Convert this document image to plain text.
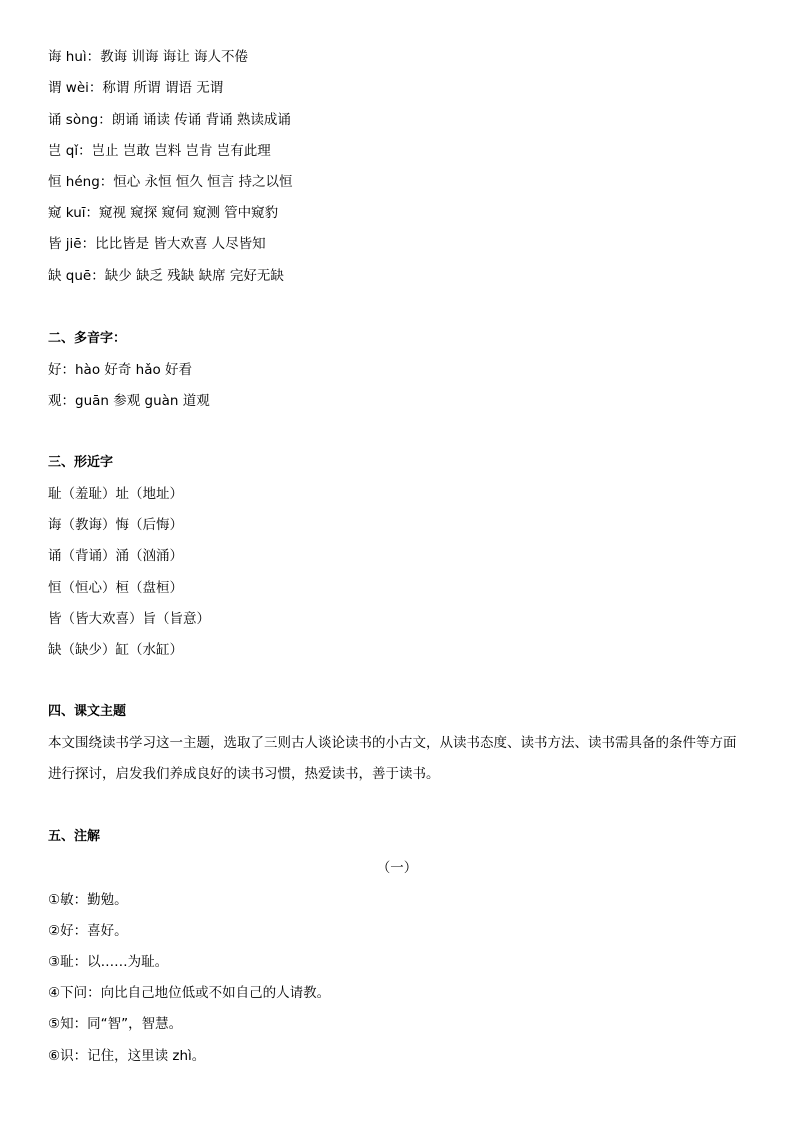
诲 huì：教诲 训诲 诲让 诲人不倦
谓 wèi：称谓 所谓 谓语 无谓
诵 sòng：朗诵 诵读 传诵 背诵 熟读成诵
岂 qǐ：岂止 岂敢 岂料 岂肯 岂有此理
恒 héng：恒心 永恒 恒久 恒言 持之以恒
窥 kuī：窥视 窥探 窥伺 窥测 管中窥豹
皆 jiē：比比皆是 皆大欢喜 人尽皆知
缺 quē：缺少 缺乏 残缺 缺席 完好无缺
二、多音字：
好：hào 好奇 hǎo 好看
观：guān 参观 guàn 道观
三、形近字
耻（羞耻）址（地址）
诲（教诲）悔（后悔）
诵（背诵）涌（汹涌）
恒（恒心）桓（盘桓）
皆（皆大欢喜）旨（旨意）
缺（缺少）缸（水缸）
四、课文主题
本文围绕读书学习这一主题，选取了三则古人谈论读书的小古文，从读书态度、读书方法、读书需具备的条件等方面进行探讨，启发我们养成良好的读书习惯，热爱读书，善于读书。
五、注解
（一）
①敏：勤勉。
②好：喜好。
③耻：以……为耻。
④下问：向比自己地位低或不如自己的人请教。
⑤知：同“智”，智慧。
⑥识：记住，这里读 zhì。
